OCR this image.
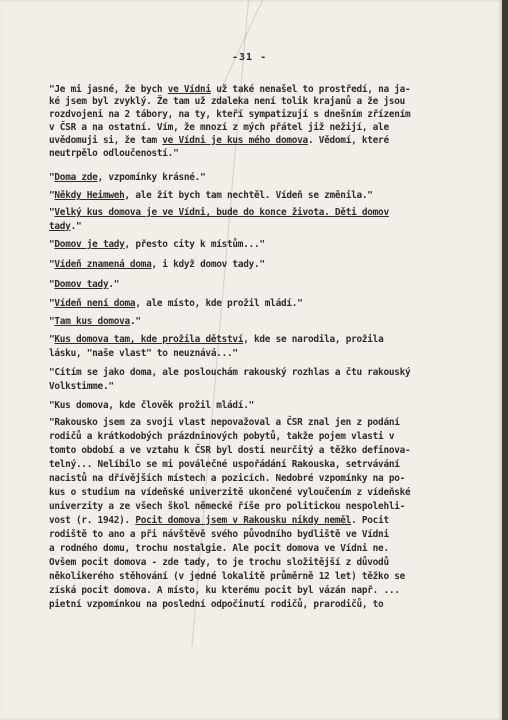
-31 -
"Je mi jasné, že bych ve Vídni už také nenašel to prostředí, na ja-
ké jsem byl zvyklý. Že tam už zdaleka není tolik krajanů a že jsou
rozdvojeni na 2 tábory, na ty, kteří sympatizují s dnešním zřízením
v ČSR a na ostatní. Vím, že mnozí z mých přátel již nežijí, ale
uvědomuji si, že tam ve Vídni je kus mého domova. Vědomí, které
neutrpělo odloučeností."
"Doma zde, vzpomínky krásné."
"Někdy Heimweh, ale žít bych tam nechtěl. Vídeň se změnila."
"Velký kus domova je ve Vídni, bude do konce života. Děti domov
tady."
"Domov je tady, přesto city k místům..."
"Vídeň znamená doma, i když domov tady."
"Domov tady."
"Vídeň není doma, ale místo, kde prožil mládí."
"Tam kus domova."
"Kus domova tam, kde prožila dětství, kde se narodila, prožila
lásku, "naše vlast" to neuznává..."
"Cítím se jako doma, ale poslouchám rakouský rozhlas a čtu rakouský
Volkstimme."
"Kus domova, kde člověk prožil mládí."
"Rakousko jsem za svoji vlast nepovažoval a ČSR znal jen z podání
rodičů a krátkodobých prázdninových pobytů, takže pojem vlasti v
tomto období a ve vztahu k ČSR byl dosti neurčitý a těžko definova-
telný... Nelíbilo se mi poválečné uspořádání Rakouska, setrvávání
nacistů na dřívějších místech a pozicích. Nedobré vzpomínky na po-
kus o studium na vídeňské univerzitě ukončené vyloučením z vídeňské
univerzity a ze všech škol německé říše pro politickou nespolehli-
vost (r. 1942). Pocit domova jsem v Rakousku nikdy neměl. Pocit
rodiště to ano a při návštěvě svého původního bydliště ve Vídni
a rodného domu, trochu nostalgie. Ale pocit domova ve Vídni ne.
Ovšem pocit domova - zde tady, to je trochu složitější z důvodů
několikerého stěhování (v jedné lokalitě průměrně 12 let) těžko se
získá pocit domova. A místo, ku kterému pocit byl vázán např. ...
pietní vzpomínkou na poslední odpočinutí rodičů, prarodičů, to
